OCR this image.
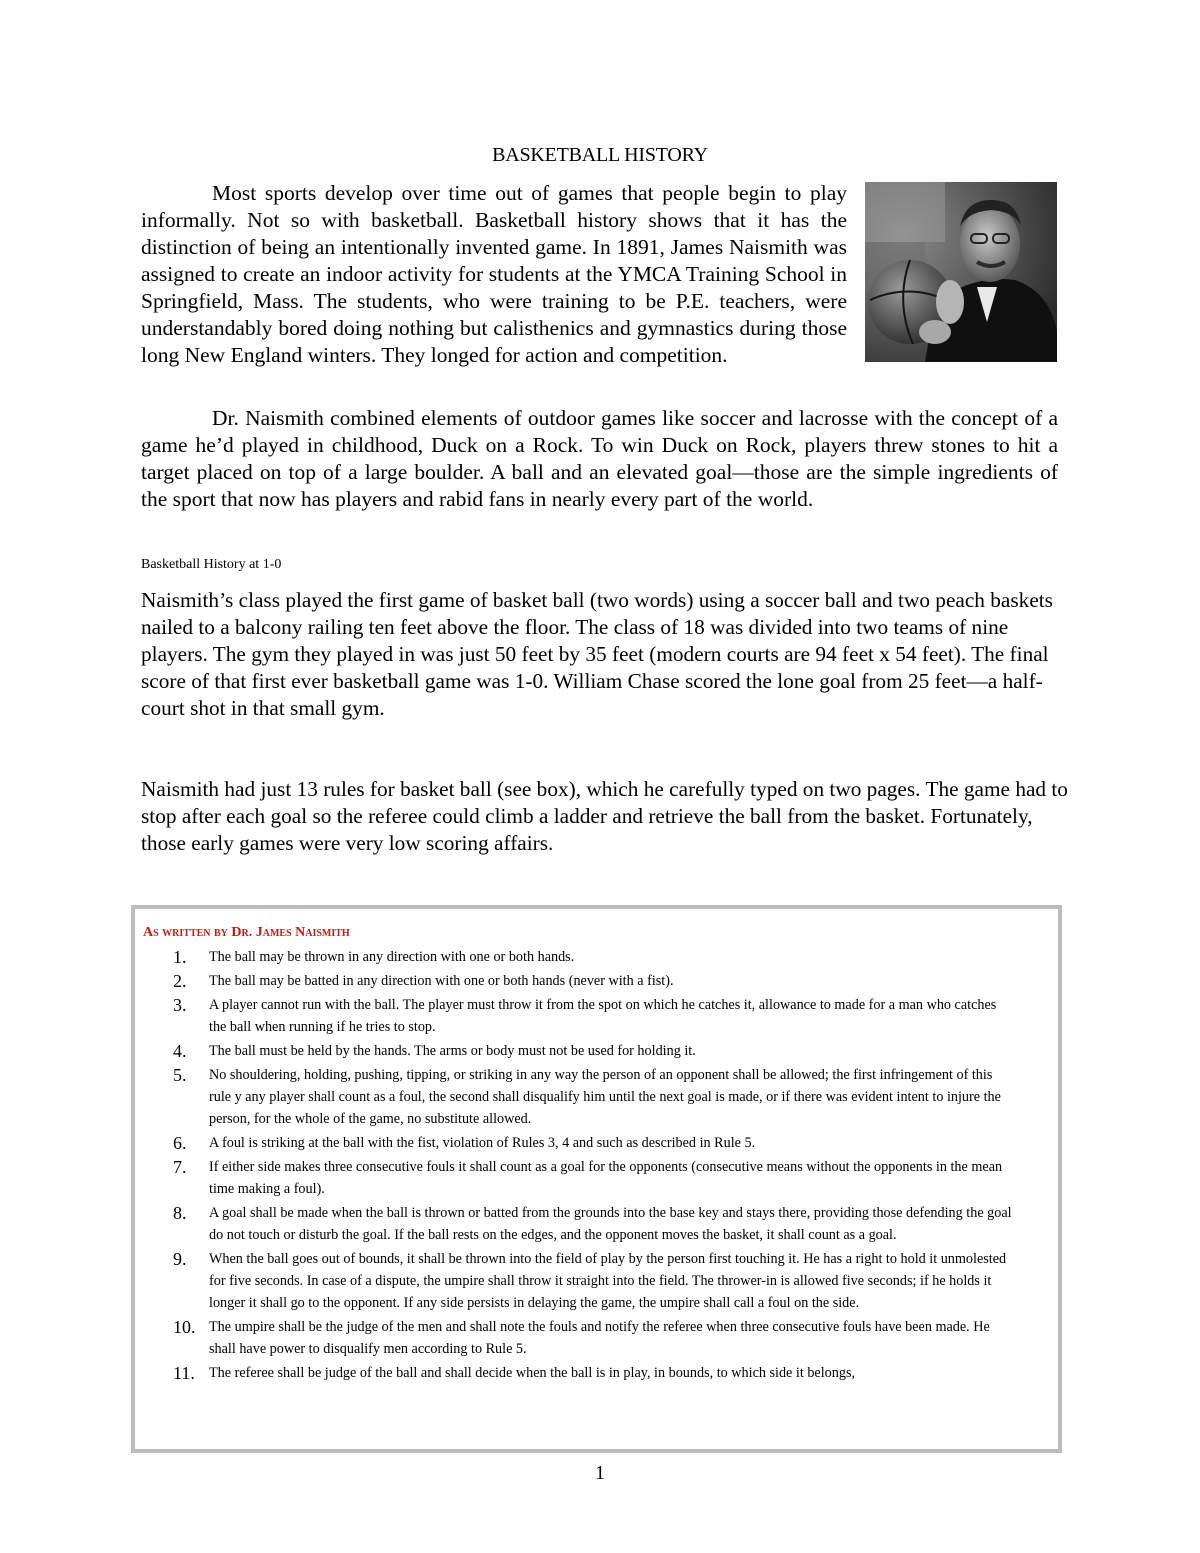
BASKETBALL HISTORY

Most sports develop over time out of games that people begin to play informally. Not so with basketball. Basketball history shows that it has the distinction of being an intentionally invented game. In 1891, James Naismith was assigned to create an indoor activity for students at the YMCA Training School in Springfield, Mass. The students, who were training to be P.E. teachers, were understandably bored doing nothing but calisthenics and gymnastics during those long New England winters. They longed for action and competition.

Dr. Naismith combined elements of outdoor games like soccer and lacrosse with the concept of a game he’d played in childhood, Duck on a Rock. To win Duck on Rock, players threw stones to hit a target placed on top of a large boulder. A ball and an elevated goal—those are the simple ingredients of the sport that now has players and rabid fans in nearly every part of the world.

Basketball History at 1-0

Naismith’s class played the first game of basket ball (two words) using a soccer ball and two peach baskets nailed to a balcony railing ten feet above the floor. The class of 18 was divided into two teams of nine players. The gym they played in was just 50 feet by 35 feet (modern courts are 94 feet x 54 feet). The final score of that first ever basketball game was 1-0. William Chase scored the lone goal from 25 feet—a half-court shot in that small gym.

Naismith had just 13 rules for basket ball (see box), which he carefully typed on two pages. The game had to stop after each goal so the referee could climb a ladder and retrieve the ball from the basket. Fortunately, those early games were very low scoring affairs.

As written by Dr. James Naismith
1.	The ball may be thrown in any direction with one or both hands.
2.	The ball may be batted in any direction with one or both hands (never with a fist).
3.	A player cannot run with the ball. The player must throw it from the spot on which he catches it, allowance to made for a man who catches the ball when running if he tries to stop.
4.	The ball must be held by the hands. The arms or body must not be used for holding it.
5.	No shouldering, holding, pushing, tipping, or striking in any way the person of an opponent shall be allowed; the first infringement of this rule y any player shall count as a foul, the second shall disqualify him until the next goal is made, or if there was evident intent to injure the person, for the whole of the game, no substitute allowed.
6.	A foul is striking at the ball with the fist, violation of Rules 3, 4 and such as described in Rule 5.
7.	If either side makes three consecutive fouls it shall count as a goal for the opponents (consecutive means without the opponents in the mean time making a foul).
8.	A goal shall be made when the ball is thrown or batted from the grounds into the base key and stays there, providing those defending the goal do not touch or disturb the goal. If the ball rests on the edges, and the opponent moves the basket, it shall count as a goal.
9.	When the ball goes out of bounds, it shall be thrown into the field of play by the person first touching it. He has a right to hold it unmolested for five seconds. In case of a dispute, the umpire shall throw it straight into the field. The thrower-in is allowed five seconds; if he holds it longer it shall go to the opponent. If any side persists in delaying the game, the umpire shall call a foul on the side.
10. The umpire shall be the judge of the men and shall note the fouls and notify the referee when three consecutive fouls have been made. He shall have power to disqualify men according to Rule 5.
11. The referee shall be judge of the ball and shall decide when the ball is in play, in bounds, to which side it belongs,
1
